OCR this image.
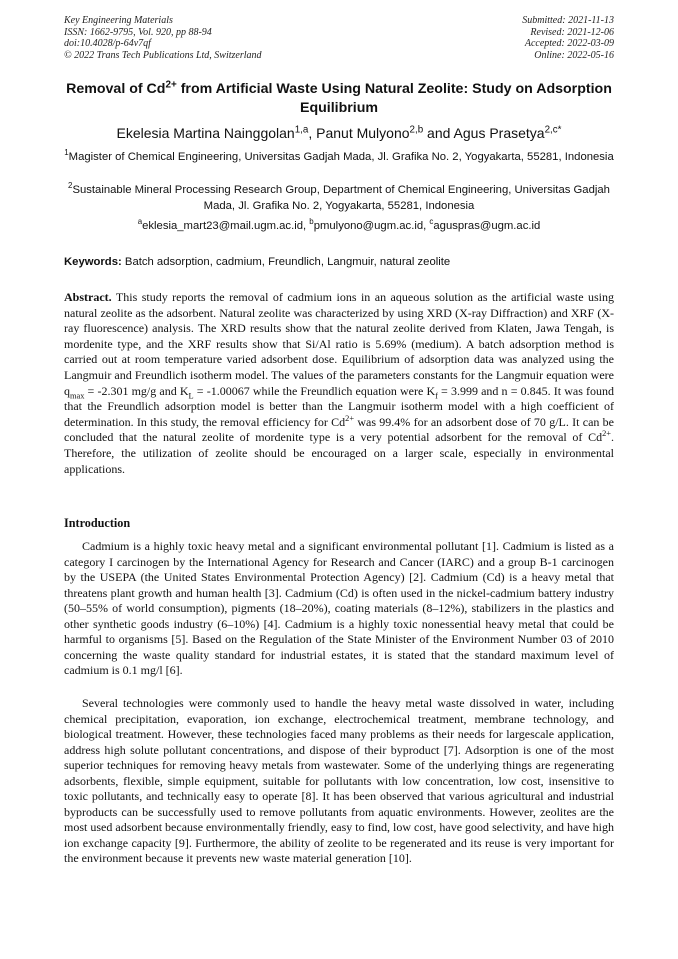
Key Engineering Materials
ISSN: 1662-9795, Vol. 920, pp 88-94
doi:10.4028/p-64v7qf
© 2022 Trans Tech Publications Ltd, Switzerland
Submitted: 2021-11-13
Revised: 2021-12-06
Accepted: 2022-03-09
Online: 2022-05-16
Removal of $Cd^{2+}$ from Artificial Waste Using Natural Zeolite: Study on Adsorption Equilibrium
Ekelesia Martina Nainggolan$^{1,a}$, Panut Mulyono$^{2,b}$ and Agus Prasetya$^{2,c*}$
$^1$Magister of Chemical Engineering, Universitas Gadjah Mada, Jl. Grafika No. 2, Yogyakarta, 55281, Indonesia
$^2$Sustainable Mineral Processing Research Group, Department of Chemical Engineering, Universitas Gadjah Mada, Jl. Grafika No. 2, Yogyakarta, 55281, Indonesia
$^a$eklesia_mart23@mail.ugm.ac.id, $^b$pmulyono@ugm.ac.id, $^c$aguspras@ugm.ac.id
Keywords: Batch adsorption, cadmium, Freundlich, Langmuir, natural zeolite
Abstract. This study reports the removal of cadmium ions in an aqueous solution as the artificial waste using natural zeolite as the adsorbent. Natural zeolite was characterized by using XRD (X-ray Diffraction) and XRF (X-ray fluorescence) analysis. The XRD results show that the natural zeolite derived from Klaten, Jawa Tengah, is mordenite type, and the XRF results show that Si/Al ratio is 5.69% (medium). A batch adsorption method is carried out at room temperature varied adsorbent dose. Equilibrium of adsorption data was analyzed using the Langmuir and Freundlich isotherm model. The values of the parameters constants for the Langmuir equation were $q_{max} = -2.301$ mg/g and $K_L = -1.00067$ while the Freundlich equation were $K_f = 3.999$ and n = 0.845. It was found that the Freundlich adsorption model is better than the Langmuir isotherm model with a high coefficient of determination. In this study, the removal efficiency for $Cd^{2+}$ was 99.4% for an adsorbent dose of 70 g/L. It can be concluded that the natural zeolite of mordenite type is a very potential adsorbent for the removal of $Cd^{2+}$. Therefore, the utilization of zeolite should be encouraged on a larger scale, especially in environmental applications.
Introduction
Cadmium is a highly toxic heavy metal and a significant environmental pollutant [1]. Cadmium is listed as a category I carcinogen by the International Agency for Research and Cancer (IARC) and a group B-1 carcinogen by the USEPA (the United States Environmental Protection Agency) [2]. Cadmium (Cd) is a heavy metal that threatens plant growth and human health [3]. Cadmium (Cd) is often used in the nickel-cadmium battery industry (50–55% of world consumption), pigments (18–20%), coating materials (8–12%), stabilizers in the plastics and other synthetic goods industry (6–10%) [4]. Cadmium is a highly toxic nonessential heavy metal that could be harmful to organisms [5]. Based on the Regulation of the State Minister of the Environment Number 03 of 2010 concerning the waste quality standard for industrial estates, it is stated that the standard maximum level of cadmium is 0.1 mg/l [6].
Several technologies were commonly used to handle the heavy metal waste dissolved in water, including chemical precipitation, evaporation, ion exchange, electrochemical treatment, membrane technology, and biological treatment. However, these technologies faced many problems as their needs for largescale application, address high solute pollutant concentrations, and dispose of their byproduct [7]. Adsorption is one of the most superior techniques for removing heavy metals from wastewater. Some of the underlying things are regenerating adsorbents, flexible, simple equipment, suitable for pollutants with low concentration, low cost, insensitive to toxic pollutants, and technically easy to operate [8]. It has been observed that various agricultural and industrial byproducts can be successfully used to remove pollutants from aquatic environments. However, zeolites are the most used adsorbent because environmentally friendly, easy to find, low cost, have good selectivity, and have high ion exchange capacity [9]. Furthermore, the ability of zeolite to be regenerated and its reuse is very important for the environment because it prevents new waste material generation [10].
